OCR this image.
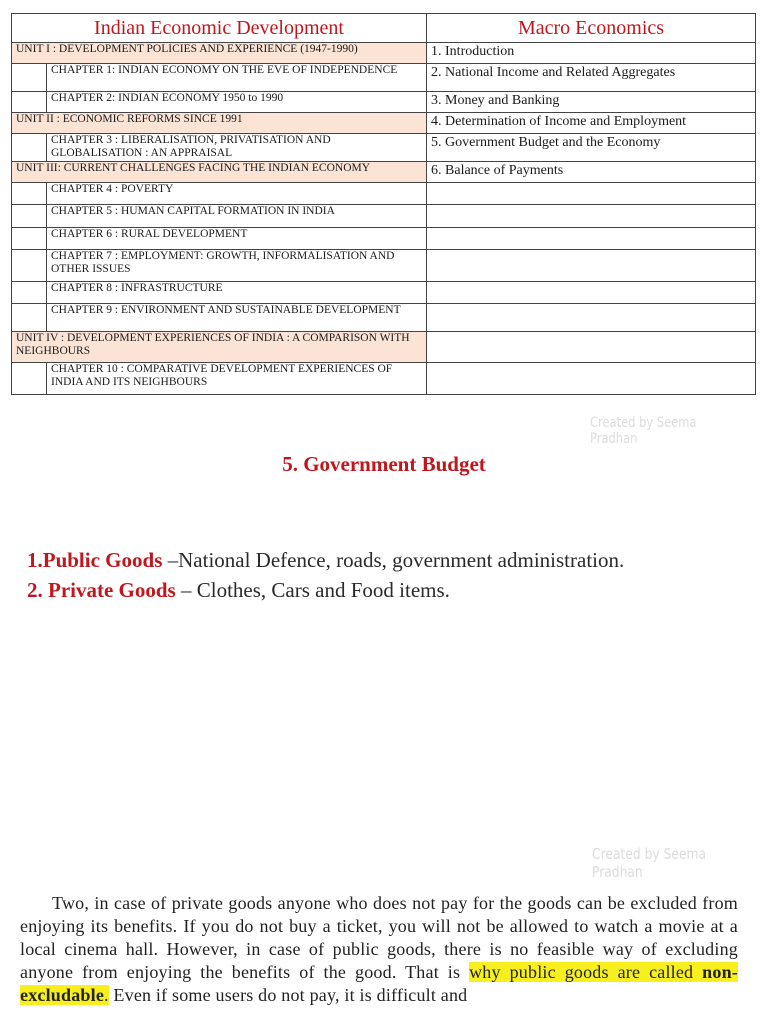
Indian Economic Development		Macro Economics
UNIT I : DEVELOPMENT POLICIES AND EXPERIENCE (1947-1990)		1. Introduction
	CHAPTER 1: INDIAN ECONOMY ON THE EVE OF INDEPENDENCE	2. National Income and Related Aggregates
	CHAPTER 2: INDIAN ECONOMY 1950 to 1990	3. Money and Banking
UNIT II : ECONOMIC REFORMS SINCE 1991		4. Determination of Income and Employment
	CHAPTER 3 : LIBERALISATION, PRIVATISATION AND GLOBALISATION : AN APPRAISAL	5. Government Budget and the Economy
UNIT III: CURRENT CHALLENGES FACING THE INDIAN ECONOMY		6. Balance of Payments
	CHAPTER 4 : POVERTY	
	CHAPTER 5 : HUMAN CAPITAL FORMATION IN INDIA	
	CHAPTER 6 : RURAL DEVELOPMENT	
	CHAPTER 7 : EMPLOYMENT: GROWTH, INFORMALISATION AND OTHER ISSUES	
	CHAPTER 8 : INFRASTRUCTURE	
	CHAPTER 9 : ENVIRONMENT AND SUSTAINABLE DEVELOPMENT	
UNIT IV : DEVELOPMENT EXPERIENCES OF INDIA : A COMPARISON WITH NEIGHBOURS		
	CHAPTER 10 : COMPARATIVE DEVELOPMENT EXPERIENCES OF INDIA AND ITS NEIGHBOURS	
Created by Seema Pradhan
5. Government Budget
1.Public Goods –National Defence, roads, government administration.
2. Private Goods – Clothes, Cars and Food items.
Created by Seema Pradhan
Two, in case of private goods anyone who does not pay for the goods can be excluded from enjoying its benefits. If you do not buy a ticket, you will not be allowed to watch a movie at a local cinema hall. However, in case of public goods, there is no feasible way of excluding anyone from enjoying the benefits of the good. That is why public goods are called non-excludable. Even if some users do not pay, it is difficult and
